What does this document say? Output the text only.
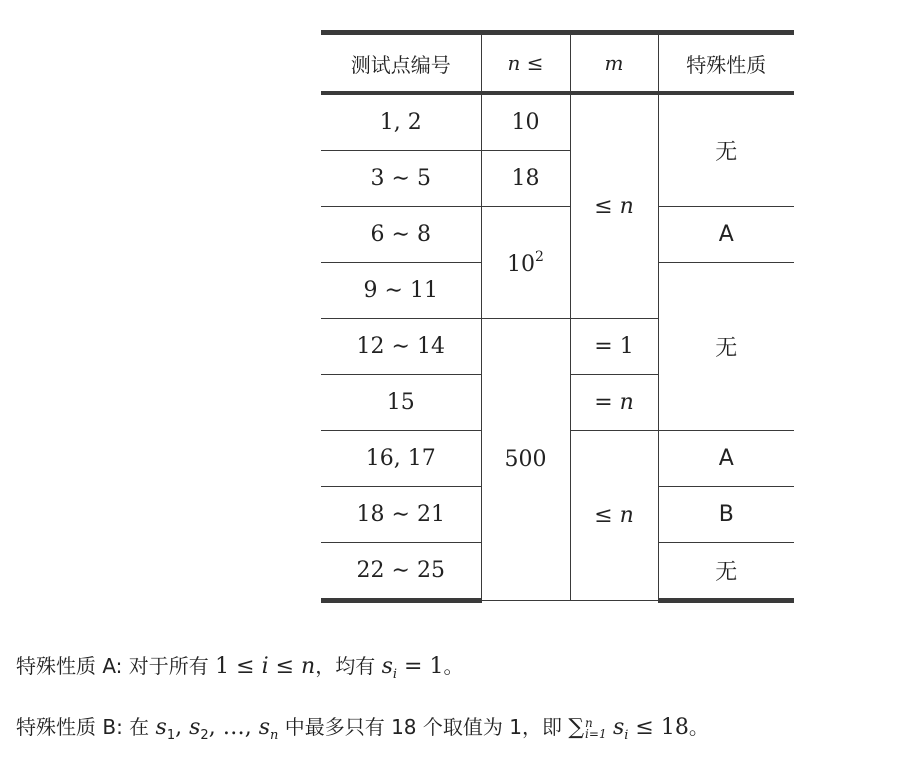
测试点编号	n ≤	m	特殊性质
1, 2	10	≤ n	无
3 ∼ 5	18		
6 ∼ 8	$10^2$		A
9 ∼ 11			无
12 ∼ 14	500	= 1	
15		= n	
16, 17		≤ n	A
18 ∼ 21			B
22 ∼ 25			无
特殊性质 A: 对于所有 1 ≤ i ≤ n，均有 $s_i = 1$。
特殊性质 B: 在 $s_1$, $s_2$, …, $s_n$ 中最多只有 18 个取值为 1，即 ∑n
i=1 $s_i \le 18$。
